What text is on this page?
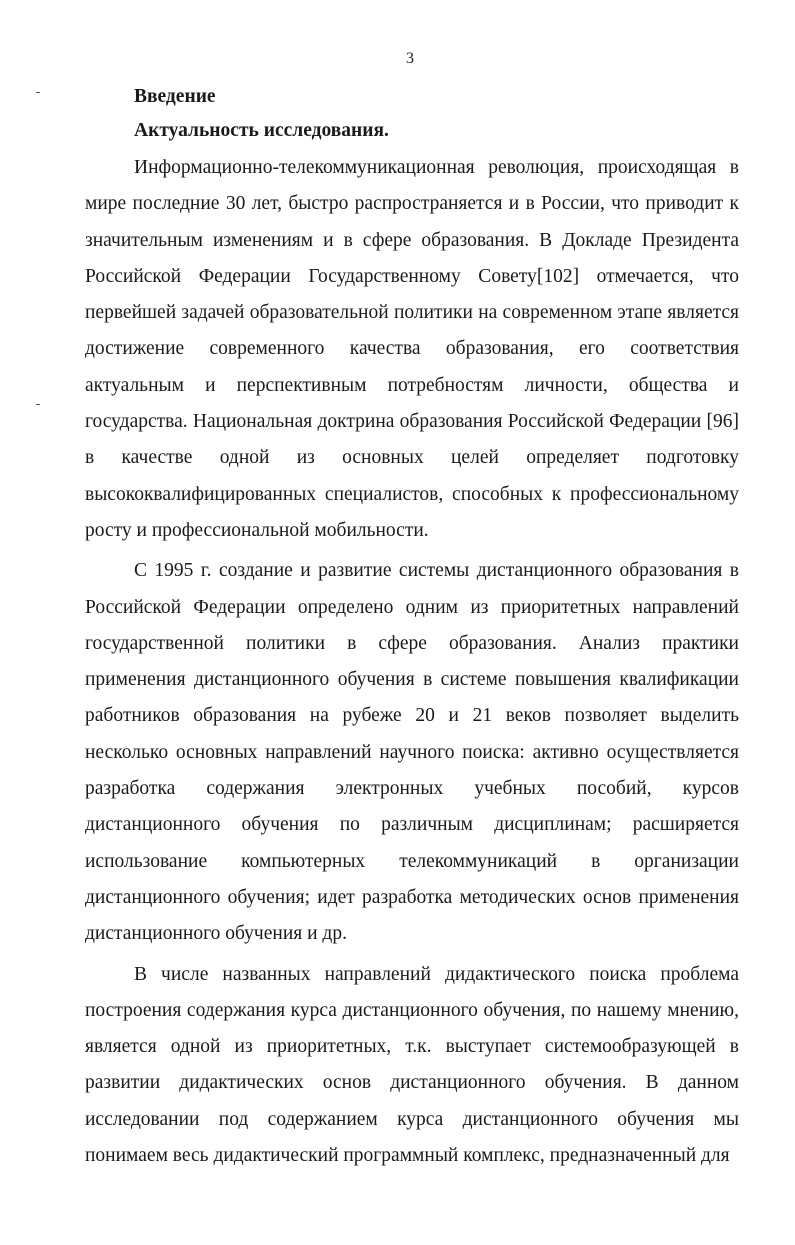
3

Введение

Актуальность исследования.

Информационно-телекоммуникационная революция, происходящая в мире последние 30 лет, быстро распространяется и в России, что приводит к значительным изменениям и в сфере образования. В Докладе Президента Российской Федерации Государственному Совету[102] отмечается, что первейшей задачей образовательной политики на современном этапе является достижение современного качества образования, его соответствия актуальным и перспективным потребностям личности, общества и государства. Национальная доктрина образования Российской Федерации [96] в качестве одной из основных целей определяет подготовку высококвалифицированных специалистов, способных к профессиональному росту и профессиональной мобильности.

С 1995 г. создание и развитие системы дистанционного образования в Российской Федерации определено одним из приоритетных направлений государственной политики в сфере образования. Анализ практики применения дистанционного обучения в системе повышения квалификации работников образования на рубеже 20 и 21 веков позволяет выделить несколько основных направлений научного поиска: активно осуществляется разработка содержания электронных учебных пособий, курсов дистанционного обучения по различным дисциплинам; расширяется использование компьютерных телекоммуникаций в организации дистанционного обучения; идет разработка методических основ применения дистанционного обучения и др.

В числе названных направлений дидактического поиска проблема построения содержания курса дистанционного обучения, по нашему мнению, является одной из приоритетных, т.к. выступает системообразующей в развитии дидактических основ дистанционного обучения. В данном исследовании под содержанием курса дистанционного обучения мы понимаем весь дидактический программный комплекс, предназначенный для
